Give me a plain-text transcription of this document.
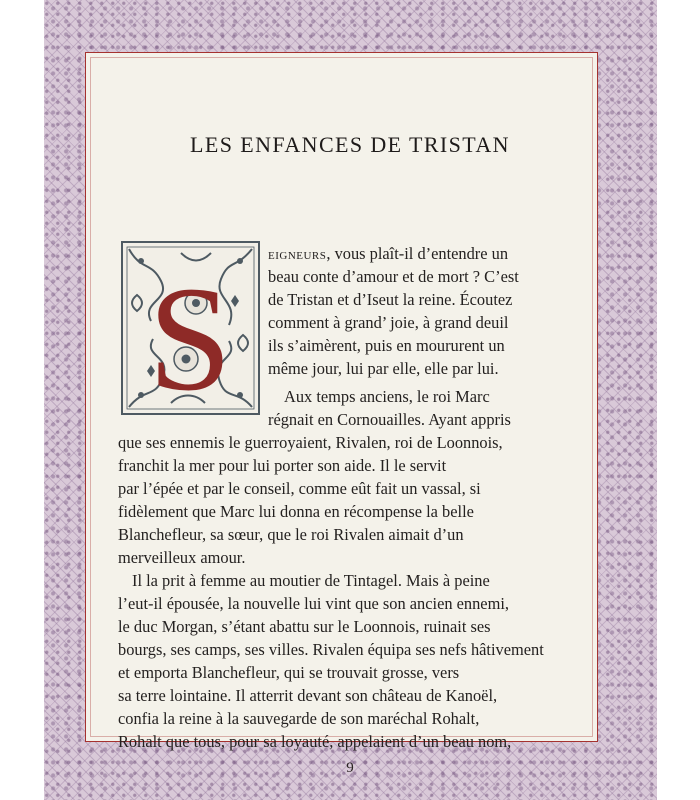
LES ENFANCES DE TRISTAN
S
eigneurs, vous plaît-il d’entendre un
beau conte d’amour et de mort ? C’est
de Tristan et d’Iseut la reine. Écoutez
comment à grand’ joie, à grand deuil
ils s’aimèrent, puis en moururent un
même jour, lui par elle, elle par lui.
Aux temps anciens, le roi Marc
régnait en Cornouailles. Ayant appris
que ses ennemis le guerroyaient, Rivalen, roi de Loonnois,
franchit la mer pour lui porter son aide. Il le servit
par l’épée et par le conseil, comme eût fait un vassal, si
fidèlement que Marc lui donna en récompense la belle
Blanchefleur, sa sœur, que le roi Rivalen aimait d’un
merveilleux amour.
Il la prit à femme au moutier de Tintagel. Mais à peine
l’eut-il épousée, la nouvelle lui vint que son ancien ennemi,
le duc Morgan, s’étant abattu sur le Loonnois, ruinait ses
bourgs, ses camps, ses villes. Rivalen équipa ses nefs hâtivement
et emporta Blanchefleur, qui se trouvait grosse, vers
sa terre lointaine. Il atterrit devant son château de Kanoël,
confia la reine à la sauvegarde de son maréchal Rohalt,
Rohalt que tous, pour sa loyauté, appelaient d’un beau nom,
9
